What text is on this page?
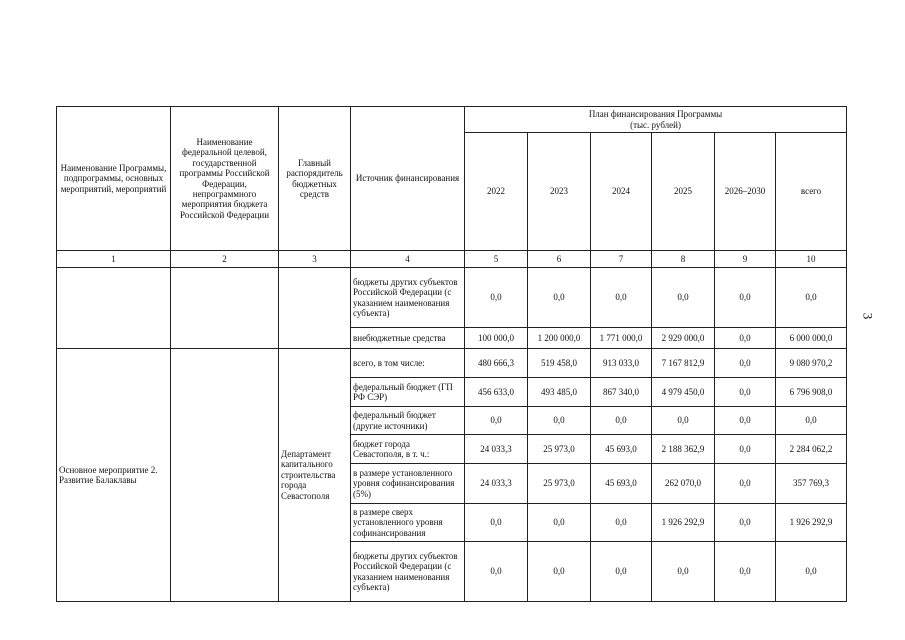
3
Наименование Программы, подпрограммы, основных мероприятий, мероприятий	Наименование федеральной целевой, государственной программы Российской Федерации, непрограммного мероприятия бюджета Российской Федерации	Главный распорядитель бюджетных средств	Источник финансирования	План финансирования Программы
(тыс. рублей)					

				2022	2023	2024	2025	2026–2030	всего
1	2	3	4	5	6	7	8	9	10
			бюджеты других субъектов Российской Федерации (с указанием наименования субъекта)	0,0	0,0	0,0	0,0	0,0	0,0
			внебюджетные средства	100 000,0	1 200 000,0	1 771 000,0	2 929 000,0	0,0	6 000 000,0
Основное мероприятие 2. Развитие Балаклавы		Департамент капитального строительства города Севастополя	всего, в том числе:	480 666,3	519 458,0	913 033,0	7 167 812,9	0,0	9 080 970,2
			федеральный бюджет (ГП РФ СЭР)	456 633,0	493 485,0	867 340,0	4 979 450,0	0,0	6 796 908,0
			федеральный бюджет (другие источники)	0,0	0,0	0,0	0,0	0,0	0,0
			бюджет города Севастополя, в т. ч.:	24 033,3	25 973,0	45 693,0	2 188 362,9	0,0	2 284 062,2
			в размере установленного уровня софинансирования (5%)	24 033,3	25 973,0	45 693,0	262 070,0	0,0	357 769,3
			в размере сверх установленного уровня софинансирования	0,0	0,0	0,0	1 926 292,9	0,0	1 926 292,9
			бюджеты других субъектов Российской Федерации (с указанием наименования субъекта)	0,0	0,0	0,0	0,0	0,0	0,0
